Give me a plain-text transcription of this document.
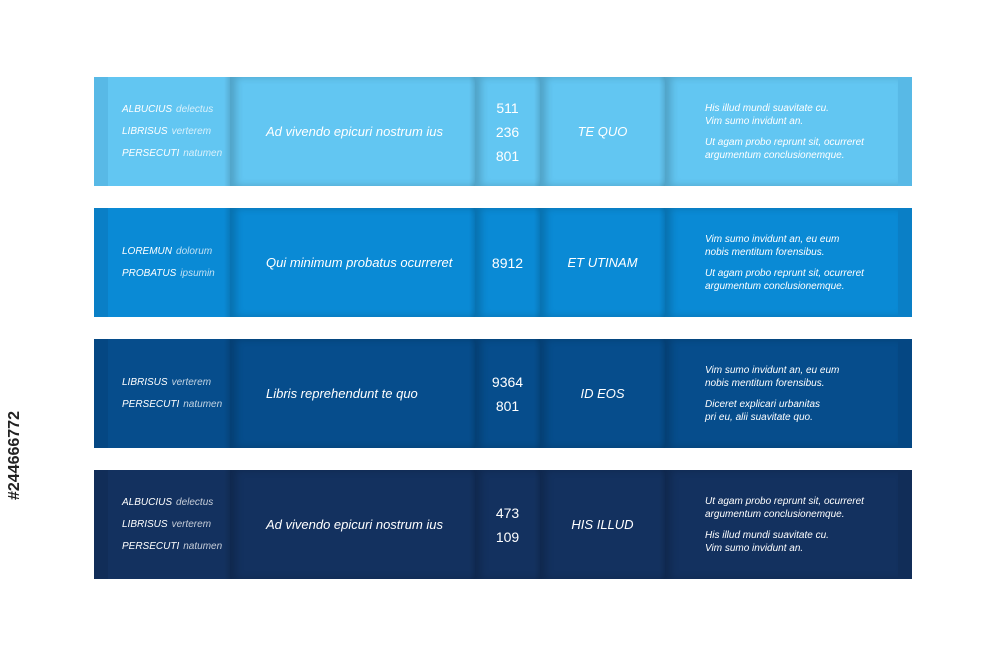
ALBUCIUS delectus
LIBRISUS verterem
PERSECUTI natumen
Ad vivendo epicuri nostrum ius
511
236
801
TE QUO
His illud mundi suavitate cu.
Vim sumo invidunt an.
Ut agam probo reprunt sit, ocurreret
argumentum conclusionemque.
LOREMUN dolorum
PROBATUS ipsumin
Qui minimum probatus ocurreret	8912	ET UTINAM
Vim sumo invidunt an, eu eum
nobis mentitum forensibus.
Ut agam probo reprunt sit, ocurreret
argumentum conclusionemque.
LIBRISUS verterem
PERSECUTI natumen
Libris reprehendunt te quo
9364
801
ID EOS
Vim sumo invidunt an, eu eum
nobis mentitum forensibus.
Diceret explicari urbanitas
pri eu, alii suavitate quo.
ALBUCIUS delectus
LIBRISUS verterem
PERSECUTI natumen
Ad vivendo epicuri nostrum ius
473
109
HIS ILLUD
Ut agam probo reprunt sit, ocurreret
argumentum conclusionemque.
His illud mundi suavitate cu.
Vim sumo invidunt an.
#244666772
